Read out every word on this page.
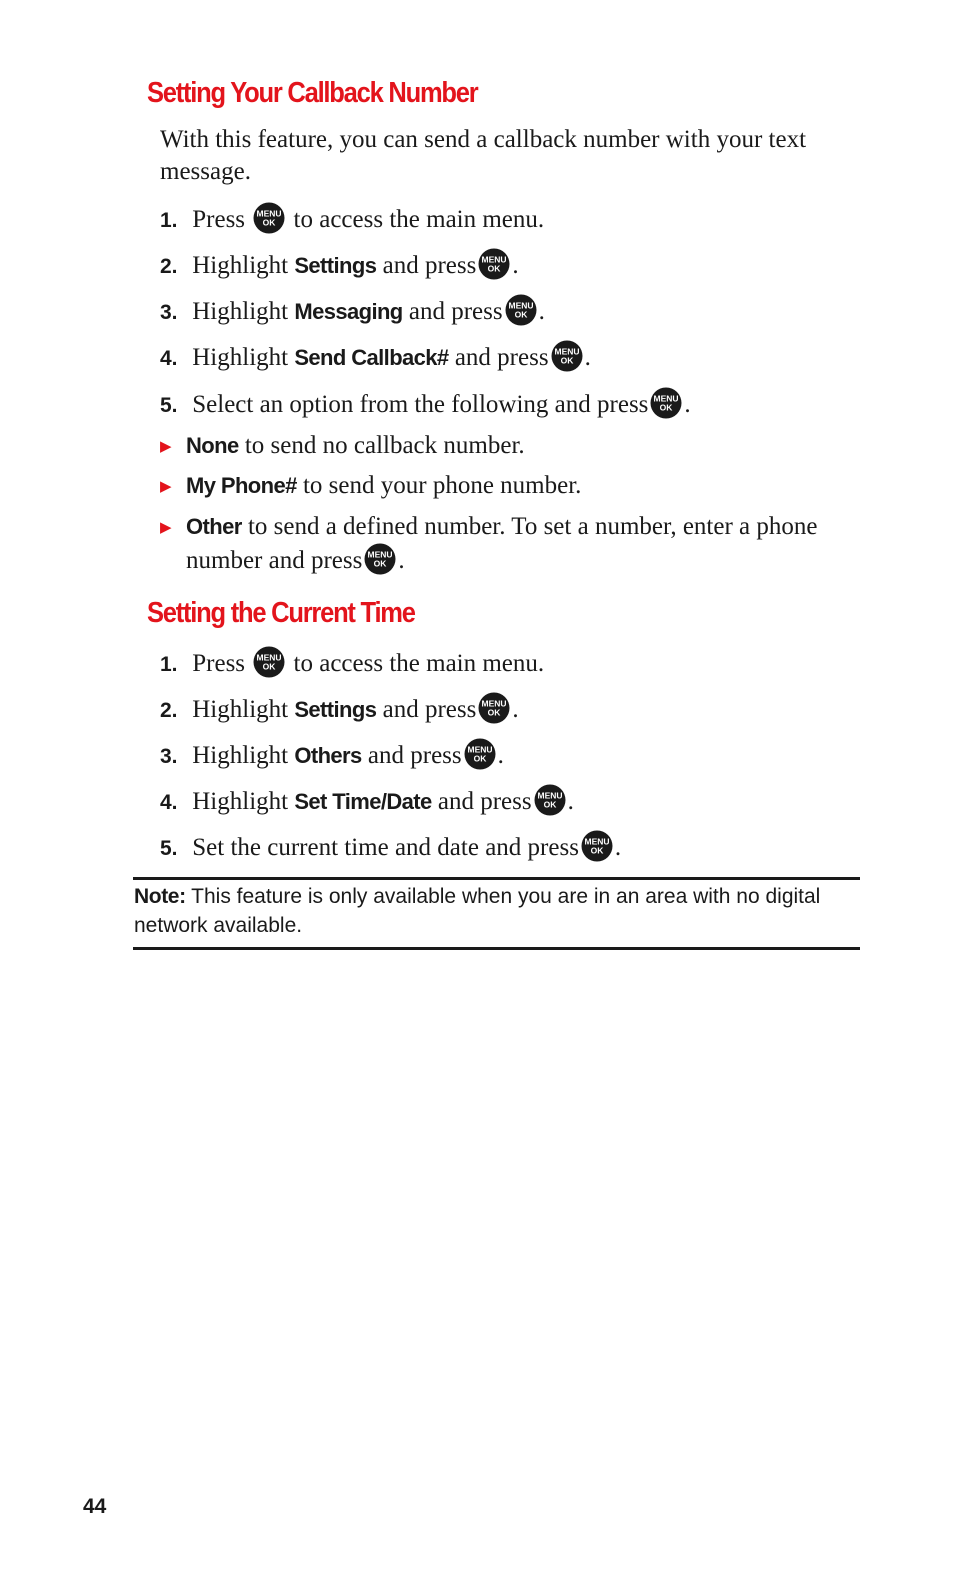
Setting Your Callback Number

With this feature, you can send a callback number with your text message.

1. Press to access the main menu.
2. Highlight Settings and press .
3. Highlight Messaging and press .
4. Highlight Send Callback# and press .
5. Select an option from the following and press .
▶ None to send no callback number.
▶ My Phone# to send your phone number.
▶ Other to send a defined number. To set a number, enter a phone number and press .
Setting the Current Time
1. Press to access the main menu.
2. Highlight Settings and press .
3. Highlight Others and press .
4. Highlight Set Time/Date and press .
5. Set the current time and date and press .

Note: This feature is only available when you are in an area with no digital network available.

44
